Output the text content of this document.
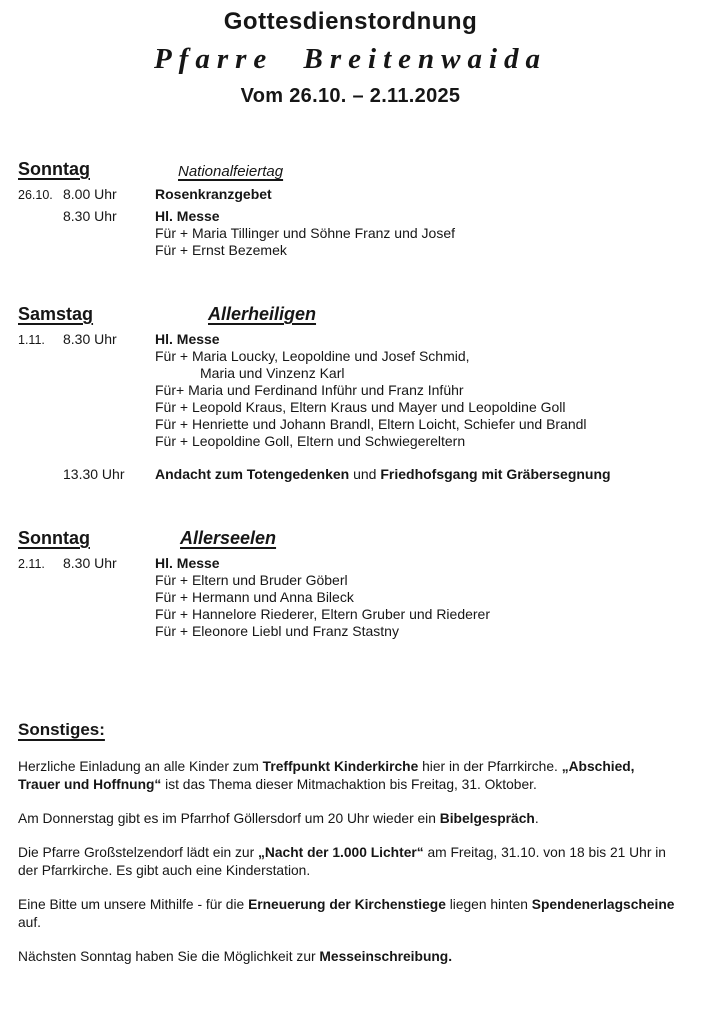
Gottesdienstordnung
Pfarre Breitenwaida
Vom 26.10. – 2.11.2025
Sonntag	Nationalfeiertag
26.10. 8.00 Uhr	Rosenkranzgebet
8.30 Uhr	Hl. Messe
Für + Maria Tillinger und Söhne Franz und Josef
Für + Ernst Bezemek
Samstag	Allerheiligen
1.11.	8.30 Uhr	Hl. Messe
Für + Maria Loucky, Leopoldine und Josef Schmid,
Maria und Vinzenz Karl
Für+ Maria und Ferdinand Inführ und Franz Inführ
Für + Leopold Kraus, Eltern Kraus und Mayer und Leopoldine Goll
Für + Henriette und Johann Brandl, Eltern Loicht, Schiefer und Brandl
Für + Leopoldine Goll, Eltern und Schwiegereltern
13.30 Uhr	Andacht zum Totengedenken und Friedhofsgang mit Gräbersegnung
Sonntag	Allerseelen
2.11.	8.30 Uhr	Hl. Messe
Für + Eltern und Bruder Göberl
Für + Hermann und Anna Bileck
Für + Hannelore Riederer, Eltern Gruber und Riederer
Für + Eleonore Liebl und Franz Stastny
Sonstiges:

Herzliche Einladung an alle Kinder zum Treffpunkt Kinderkirche hier in der Pfarrkirche. „Abschied, Trauer und Hoffnung“ ist das Thema dieser Mitmachaktion bis Freitag, 31. Oktober.

Am Donnerstag gibt es im Pfarrhof Göllersdorf um 20 Uhr wieder ein Bibelgespräch.

Die Pfarre Großstelzendorf lädt ein zur „Nacht der 1.000 Lichter“ am Freitag, 31.10. von 18 bis 21 Uhr in der Pfarrkirche. Es gibt auch eine Kinderstation.

Eine Bitte um unsere Mithilfe - für die Erneuerung der Kirchenstiege liegen hinten Spendenerlagscheine auf.

Nächsten Sonntag haben Sie die Möglichkeit zur Messeinschreibung.
